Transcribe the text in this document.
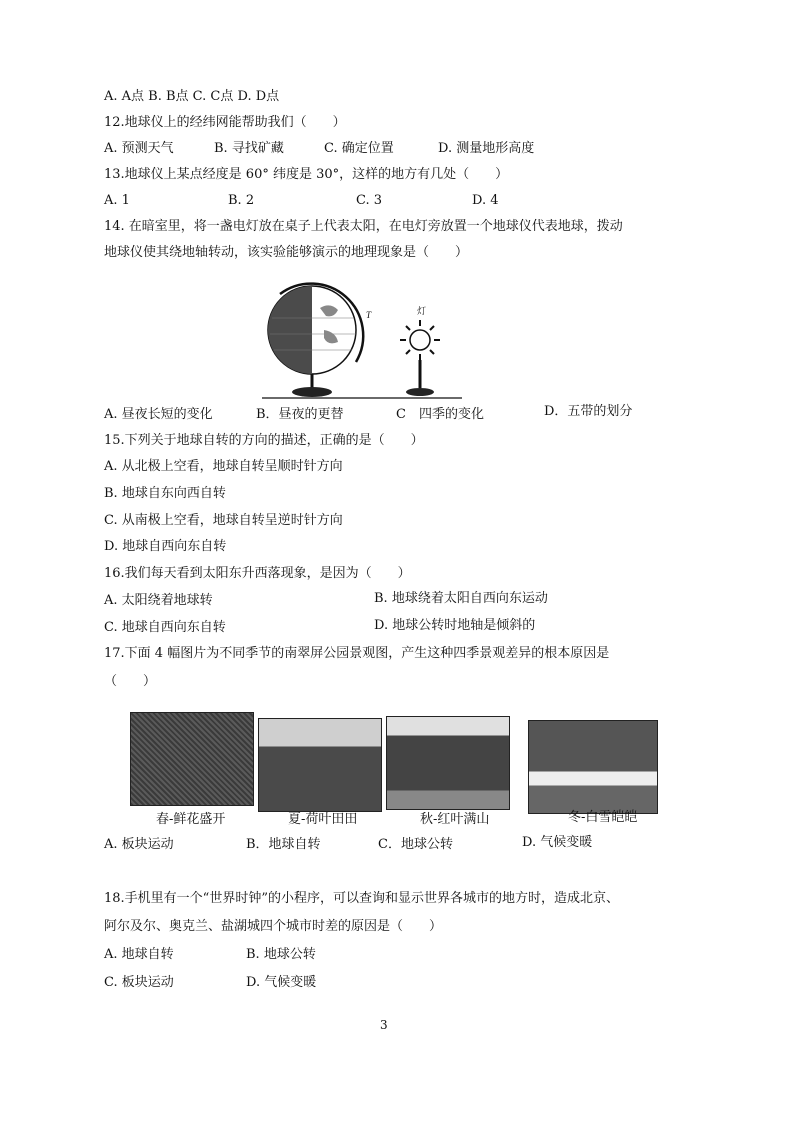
A. A点 B. B点 C. C点 D. D点
12.地球仪上的经纬网能帮助我们（　　）
A. 预测天气	B. 寻找矿藏	C. 确定位置	D. 测量地形高度
13.地球仪上某点经度是 60° 纬度是 30°，这样的地方有几处（　　）
A. 1	B. 2	C. 3	D. 4
14. 在暗室里，将一盏电灯放在桌子上代表太阳，在电灯旁放置一个地球仪代表地球，拨动
地球仪使其绕地轴转动，该实验能够演示的地理现象是（　　）
T	灯
A. 昼夜长短的变化	B．昼夜的更替	C　四季的变化	D．五带的划分
15.下列关于地球自转的方向的描述，正确的是（　　）
A. 从北极上空看，地球自转呈顺时针方向
B. 地球自东向西自转
C. 从南极上空看，地球自转呈逆时针方向
D. 地球自西向东自转
16.我们每天看到太阳东升西落现象，是因为（　　）
A. 太阳绕着地球转	B. 地球绕着太阳自西向东运动
C. 地球自西向东自转	D. 地球公转时地轴是倾斜的
17.下面 4 幅图片为不同季节的南翠屏公园景观图，产生这种四季景观差异的根本原因是
（　　）
春-鲜花盛开	夏-荷叶田田	秋-红叶满山	冬-白雪皑皑
A. 板块运动	B．地球自转	C．地球公转	D. 气候变暖
18.手机里有一个“世界时钟”的小程序，可以查询和显示世界各城市的地方时，造成北京、
阿尔及尔、奥克兰、盐湖城四个城市时差的原因是（　　）
A. 地球自转	B. 地球公转
C. 板块运动	D. 气候变暖
3
